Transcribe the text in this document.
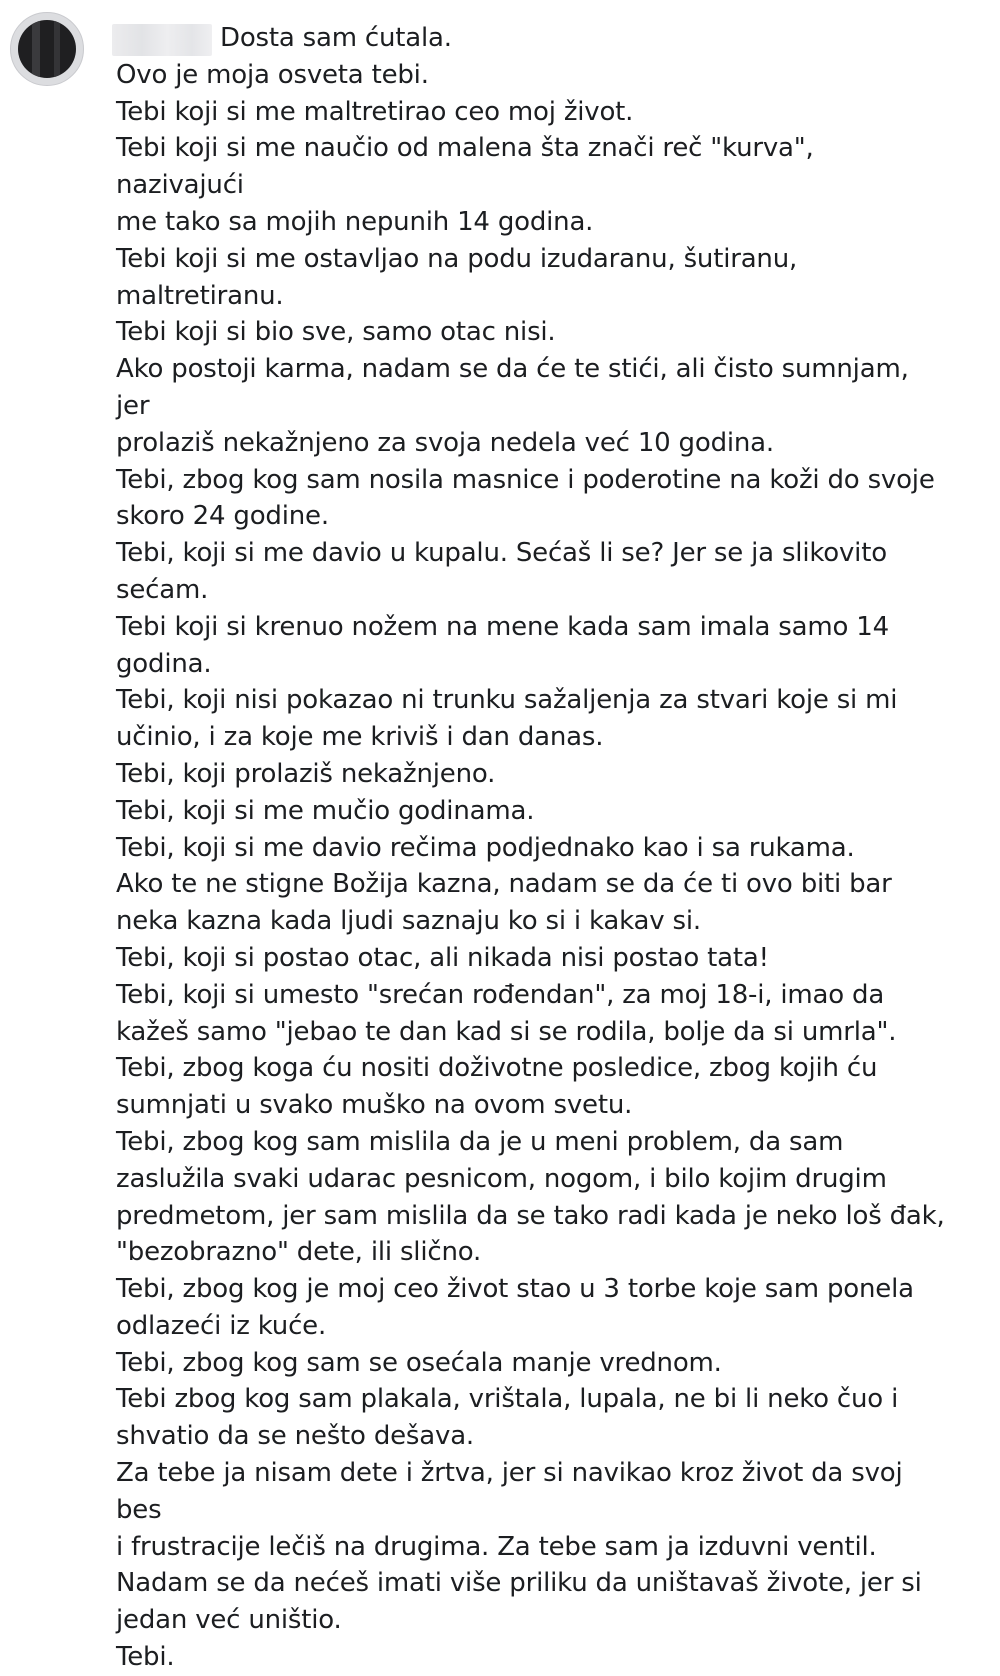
Dosta sam ćutala.
Ovo je moja osveta tebi.
Tebi koji si me maltretirao ceo moj život.
Tebi koji si me naučio od malena šta znači reč "kurva", nazivajući
me tako sa mojih nepunih 14 godina.
Tebi koji si me ostavljao na podu izudaranu, šutiranu,
maltretiranu.
Tebi koji si bio sve, samo otac nisi.
Ako postoji karma, nadam se da će te stići, ali čisto sumnjam, jer
prolaziš nekažnjeno za svoja nedela već 10 godina.
Tebi, zbog kog sam nosila masnice i poderotine na koži do svoje
skoro 24 godine.
Tebi, koji si me davio u kupalu. Sećaš li se? Jer se ja slikovito
sećam.
Tebi koji si krenuo nožem na mene kada sam imala samo 14
godina.
Tebi, koji nisi pokazao ni trunku sažaljenja za stvari koje si mi
učinio, i za koje me kriviš i dan danas.
Tebi, koji prolaziš nekažnjeno.
Tebi, koji si me mučio godinama.
Tebi, koji si me davio rečima podjednako kao i sa rukama.
Ako te ne stigne Božija kazna, nadam se da će ti ovo biti bar
neka kazna kada ljudi saznaju ko si i kakav si.
Tebi, koji si postao otac, ali nikada nisi postao tata!
Tebi, koji si umesto "srećan rođendan", za moj 18-i, imao da
kažeš samo "jebao te dan kad si se rodila, bolje da si umrla".
Tebi, zbog koga ću nositi doživotne posledice, zbog kojih ću
sumnjati u svako muško na ovom svetu.
Tebi, zbog kog sam mislila da je u meni problem, da sam
zaslužila svaki udarac pesnicom, nogom, i bilo kojim drugim
predmetom, jer sam mislila da se tako radi kada je neko loš đak,
"bezobrazno" dete, ili slično.
Tebi, zbog kog je moj ceo život stao u 3 torbe koje sam ponela
odlazeći iz kuće.
Tebi, zbog kog sam se osećala manje vrednom.
Tebi zbog kog sam plakala, vrištala, lupala, ne bi li neko čuo i
shvatio da se nešto dešava.
Za tebe ja nisam dete i žrtva, jer si navikao kroz život da svoj bes
i frustracije lečiš na drugima. Za tebe sam ja izduvni ventil.
Nadam se da nećeš imati više priliku da uništavaš živote, jer si
jedan već uništio.
Tebi.
